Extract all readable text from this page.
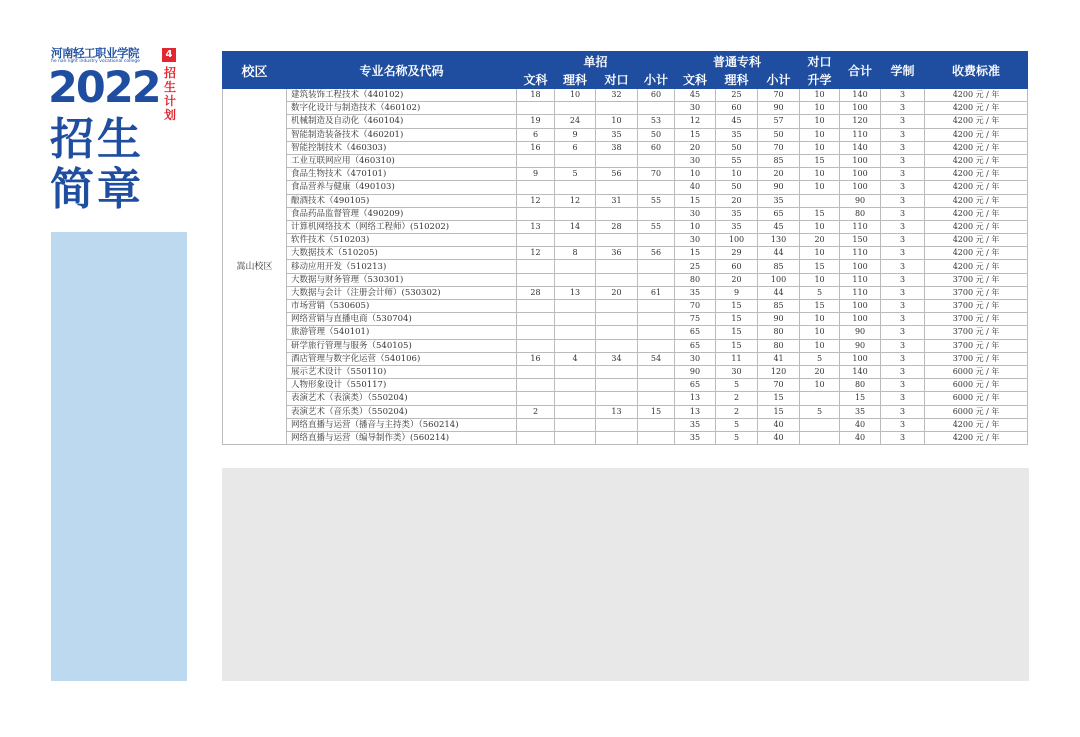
河南轻工职业学院
he nan light industry vocational college
2022
招生
简章
4
招生计划
校区	专业名称及代码	单招				普通专科			对口	合计	学制	收费标准
		文科	理科	对口	小计	文科	理科	小计	升学			
嵩山校区	建筑装饰工程技术（440102)	18	10	32	60	45	25	70	10	140	3	4200 元 / 年
	数字化设计与制造技术（460102)					30	60	90	10	100	3	4200 元 / 年
	机械制造及自动化（460104)	19	24	10	53	12	45	57	10	120	3	4200 元 / 年
	智能制造装备技术（460201)	6	9	35	50	15	35	50	10	110	3	4200 元 / 年
	智能控制技术（460303)	16	6	38	60	20	50	70	10	140	3	4200 元 / 年
	工业互联网应用（460310)					30	55	85	15	100	3	4200 元 / 年
	食品生物技术（470101)	9	5	56	70	10	10	20	10	100	3	4200 元 / 年
	食品营养与健康（490103)					40	50	90	10	100	3	4200 元 / 年
	酿酒技术（490105)	12	12	31	55	15	20	35		90	3	4200 元 / 年
	食品药品监督管理（490209)					30	35	65	15	80	3	4200 元 / 年
	计算机网络技术（网络工程师）(510202)	13	14	28	55	10	35	45	10	110	3	4200 元 / 年
	软件技术（510203)					30	100	130	20	150	3	4200 元 / 年
	大数据技术（510205)	12	8	36	56	15	29	44	10	110	3	4200 元 / 年
	移动应用开发（510213)					25	60	85	15	100	3	4200 元 / 年
	大数据与财务管理（530301)					80	20	100	10	110	3	3700 元 / 年
	大数据与会计（注册会计师）(530302)	28	13	20	61	35	9	44	5	110	3	3700 元 / 年
	市场营销（530605)					70	15	85	15	100	3	3700 元 / 年
	网络营销与直播电商（530704)					75	15	90	10	100	3	3700 元 / 年
	旅游管理（540101)					65	15	80	10	90	3	3700 元 / 年
	研学旅行管理与服务（540105)					65	15	80	10	90	3	3700 元 / 年
	酒店管理与数字化运营（540106)	16	4	34	54	30	11	41	5	100	3	3700 元 / 年
	展示艺术设计（550110)					90	30	120	20	140	3	6000 元 / 年
	人物形象设计（550117)					65	5	70	10	80	3	6000 元 / 年
	表演艺术（表演类）（550204)					13	2	15		15	3	6000 元 / 年
	表演艺术（音乐类）（550204)	2		13	15	13	2	15	5	35	3	6000 元 / 年
	网络直播与运营（播音与主持类）（560214)					35	5	40		40	3	4200 元 / 年
	网络直播与运营（编导制作类）(560214)					35	5	40		40	3	4200 元 / 年
